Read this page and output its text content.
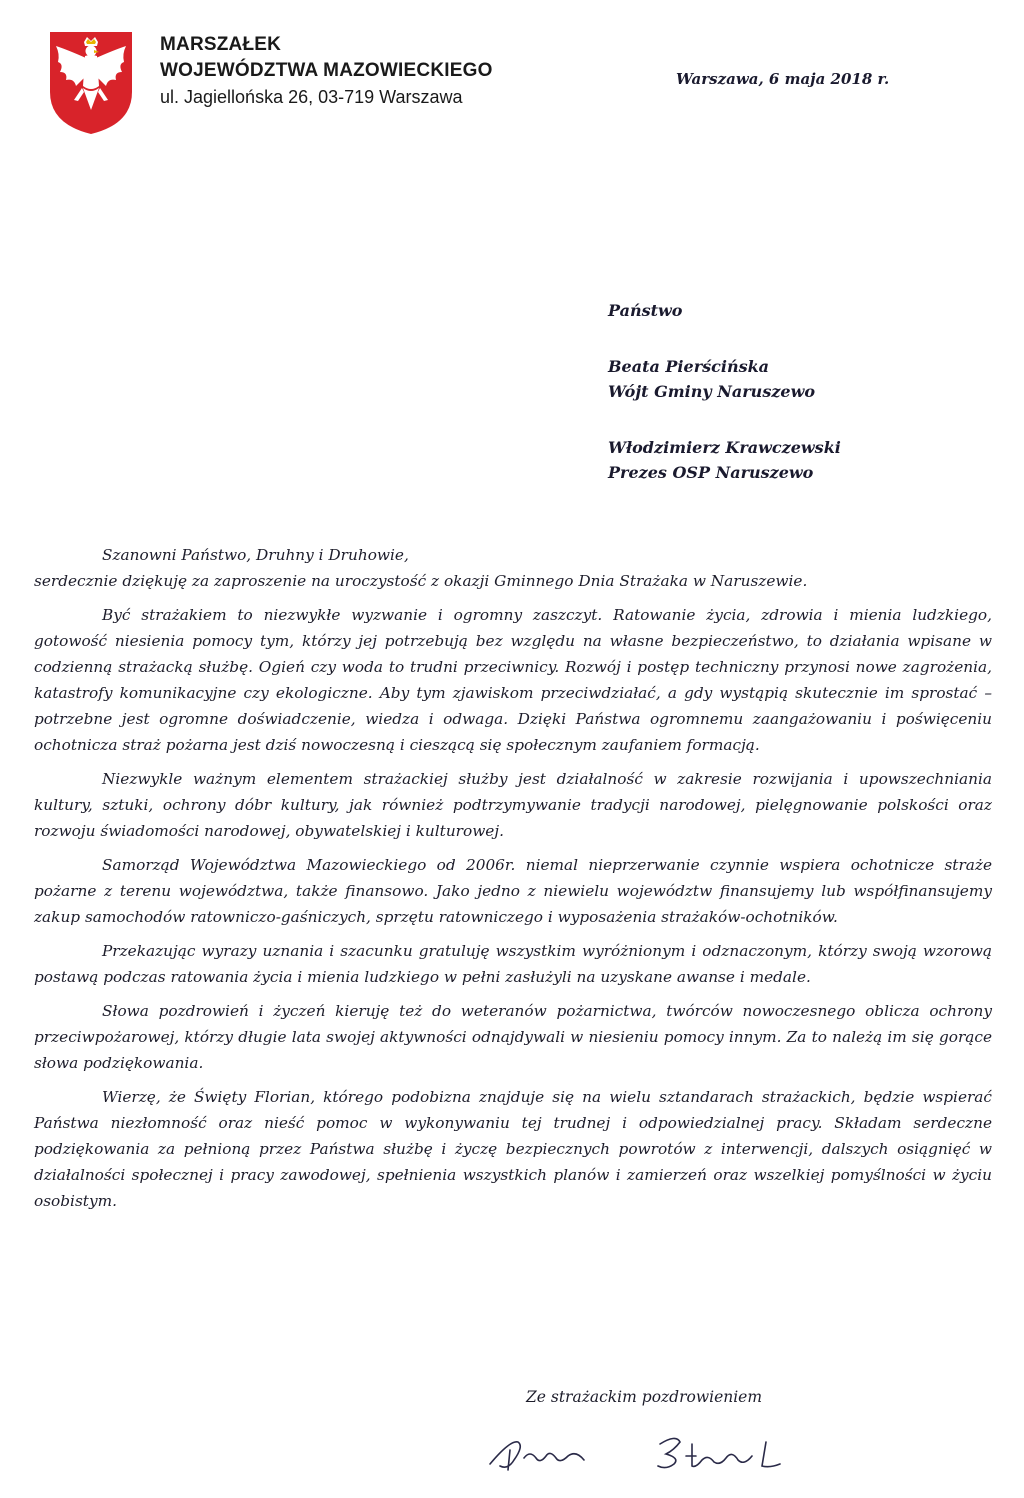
MARSZAŁEK
WOJEWÓDZTWA MAZOWIECKIEGO
ul. Jagiellońska 26, 03-719 Warszawa
Warszawa, 6 maja 2018 r.
Państwo
Beata Pierścińska
Wójt Gminy Naruszewo
Włodzimierz Krawczewski
Prezes OSP Naruszewo

Szanowni Państwo, Druhny i Druhowie,

serdecznie dziękuję za zaproszenie na uroczystość z okazji Gminnego Dnia Strażaka w Naruszewie.

Być strażakiem to niezwykłe wyzwanie i ogromny zaszczyt. Ratowanie życia, zdrowia i mienia ludzkiego, gotowość niesienia pomocy tym, którzy jej potrzebują bez względu na własne bezpieczeństwo, to działania wpisane w codzienną strażacką służbę. Ogień czy woda to trudni przeciwnicy. Rozwój i postęp techniczny przynosi nowe zagrożenia, katastrofy komunikacyjne czy ekologiczne. Aby tym zjawiskom przeciwdziałać, a gdy wystąpią skutecznie im sprostać – potrzebne jest ogromne doświadczenie, wiedza i odwaga. Dzięki Państwa ogromnemu zaangażowaniu i poświęceniu ochotnicza straż pożarna jest dziś nowoczesną i cieszącą się społecznym zaufaniem formacją.

Niezwykle ważnym elementem strażackiej służby jest działalność w zakresie rozwijania i upowszechniania kultury, sztuki, ochrony dóbr kultury, jak również podtrzymywanie tradycji narodowej, pielęgnowanie polskości oraz rozwoju świadomości narodowej, obywatelskiej i kulturowej.

Samorząd Województwa Mazowieckiego od 2006r. niemal nieprzerwanie czynnie wspiera ochotnicze straże pożarne z terenu województwa, także finansowo. Jako jedno z niewielu województw finansujemy lub współfinansujemy zakup samochodów ratowniczo-gaśniczych, sprzętu ratowniczego i wyposażenia strażaków-ochotników.

Przekazując wyrazy uznania i szacunku gratuluję wszystkim wyróżnionym i odznaczonym, którzy swoją wzorową postawą podczas ratowania życia i mienia ludzkiego w pełni zasłużyli na uzyskane awanse i medale.

Słowa pozdrowień i życzeń kieruję też do weteranów pożarnictwa, twórców nowoczesnego oblicza ochrony przeciwpożarowej, którzy długie lata swojej aktywności odnajdywali w niesieniu pomocy innym. Za to należą im się gorące słowa podziękowania.

Wierzę, że Święty Florian, którego podobizna znajduje się na wielu sztandarach strażackich, będzie wspierać Państwa niezłomność oraz nieść pomoc w wykonywaniu tej trudnej i odpowiedzialnej pracy. Składam serdeczne podziękowania za pełnioną przez Państwa służbę i życzę bezpiecznych powrotów z interwencji, dalszych osiągnięć w działalności społecznej i pracy zawodowej, spełnienia wszystkich planów i zamierzeń oraz wszelkiej pomyślności w życiu osobistym.

Ze strażackim pozdrowieniem
